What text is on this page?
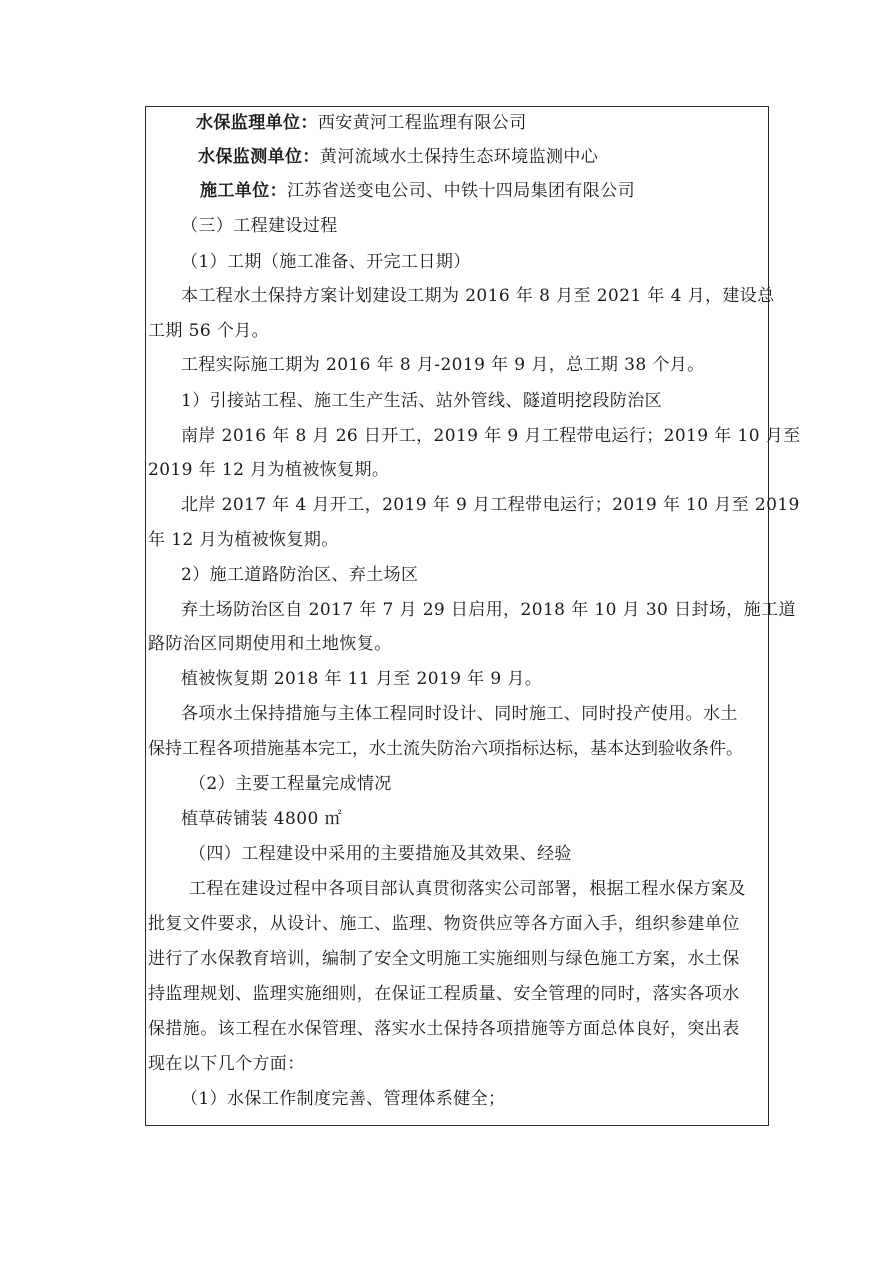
水保监理单位：西安黄河工程监理有限公司
水保监测单位：黄河流域水土保持生态环境监测中心
施工单位：江苏省送变电公司、中铁十四局集团有限公司
（三）工程建设过程
（1）工期（施工准备、开完工日期）
本工程水土保持方案计划建设工期为 2016 年 8 月至 2021 年 4 月，建设总
工期 56 个月。
工程实际施工期为 2016 年 8 月-2019 年 9 月，总工期 38 个月。
1）引接站工程、施工生产生活、站外管线、隧道明挖段防治区
南岸 2016 年 8 月 26 日开工，2019 年 9 月工程带电运行；2019 年 10 月至
2019 年 12 月为植被恢复期。
北岸 2017 年 4 月开工，2019 年 9 月工程带电运行；2019 年 10 月至 2019
年 12 月为植被恢复期。
2）施工道路防治区、弃土场区
弃土场防治区自 2017 年 7 月 29 日启用，2018 年 10 月 30 日封场，施工道
路防治区同期使用和土地恢复。
植被恢复期 2018 年 11 月至 2019 年 9 月。
各项水土保持措施与主体工程同时设计、同时施工、同时投产使用。水土
保持工程各项措施基本完工，水土流失防治六项指标达标，基本达到验收条件。
（2）主要工程量完成情况
植草砖铺装 4800 ㎡
（四）工程建设中采用的主要措施及其效果、经验
工程在建设过程中各项目部认真贯彻落实公司部署，根据工程水保方案及
批复文件要求，从设计、施工、监理、物资供应等各方面入手，组织参建单位
进行了水保教育培训，编制了安全文明施工实施细则与绿色施工方案，水土保
持监理规划、监理实施细则，在保证工程质量、安全管理的同时，落实各项水
保措施。该工程在水保管理、落实水土保持各项措施等方面总体良好，突出表
现在以下几个方面：
（1）水保工作制度完善、管理体系健全；
